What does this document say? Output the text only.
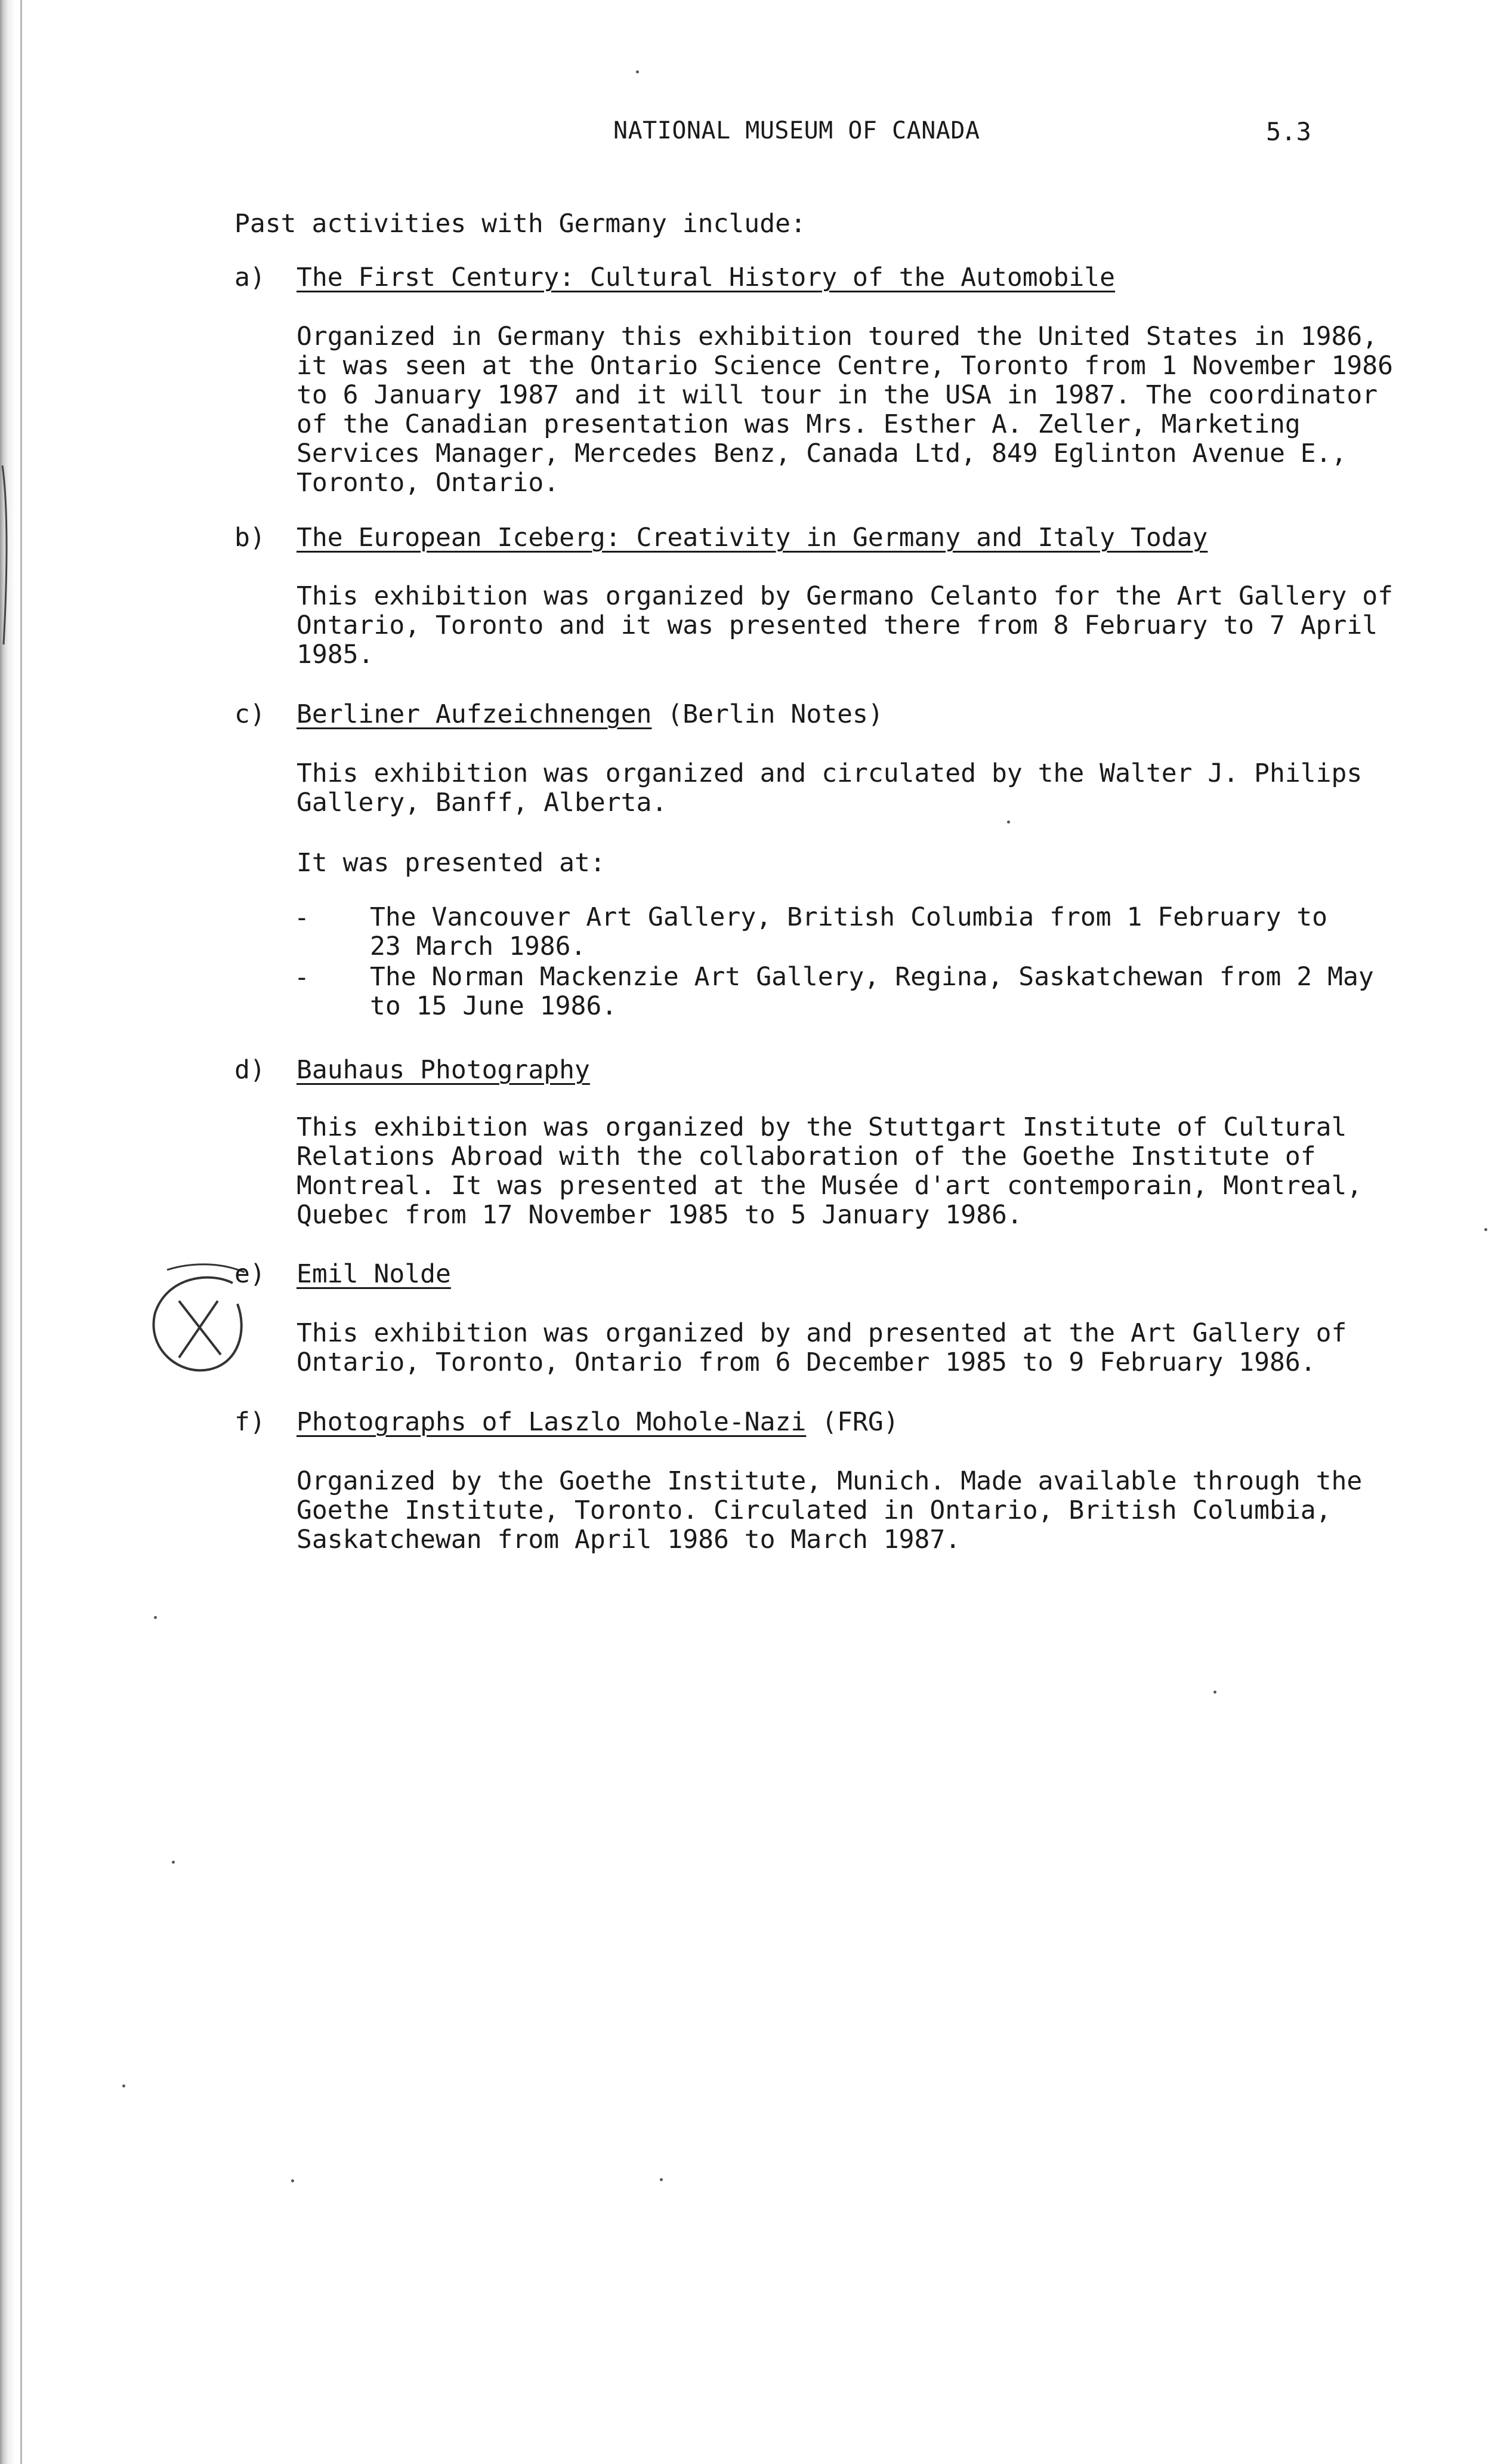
NATIONAL MUSEUM OF CANADA	5.3
Past activities with Germany include:
a) The First Century: Cultural History of the Automobile
Organized in Germany this exhibition toured the United States in 1986,
it was seen at the Ontario Science Centre, Toronto from 1 November 1986
to 6 January 1987 and it will tour in the USA in 1987. The coordinator
of the Canadian presentation was Mrs. Esther A. Zeller, Marketing
Services Manager, Mercedes Benz, Canada Ltd, 849 Eglinton Avenue E.,
Toronto, Ontario.
b) The European Iceberg: Creativity in Germany and Italy Today
This exhibition was organized by Germano Celanto for the Art Gallery of
Ontario, Toronto and it was presented there from 8 February to 7 April
1985.
c) Berliner Aufzeichnengen (Berlin Notes)
This exhibition was organized and circulated by the Walter J. Philips
Gallery, Banff, Alberta.
It was presented at:
- The Vancouver Art Gallery, British Columbia from 1 February to
23 March 1986.
- The Norman Mackenzie Art Gallery, Regina, Saskatchewan from 2 May
to 15 June 1986.
d) Bauhaus Photography
This exhibition was organized by the Stuttgart Institute of Cultural
Relations Abroad with the collaboration of the Goethe Institute of
Montreal. It was presented at the Musée d'art contemporain, Montreal,
Quebec from 17 November 1985 to 5 January 1986.
e) Emil Nolde
This exhibition was organized by and presented at the Art Gallery of
Ontario, Toronto, Ontario from 6 December 1985 to 9 February 1986.
f) Photographs of Laszlo Mohole-Nazi (FRG)
Organized by the Goethe Institute, Munich. Made available through the
Goethe Institute, Toronto. Circulated in Ontario, British Columbia,
Saskatchewan from April 1986 to March 1987.
